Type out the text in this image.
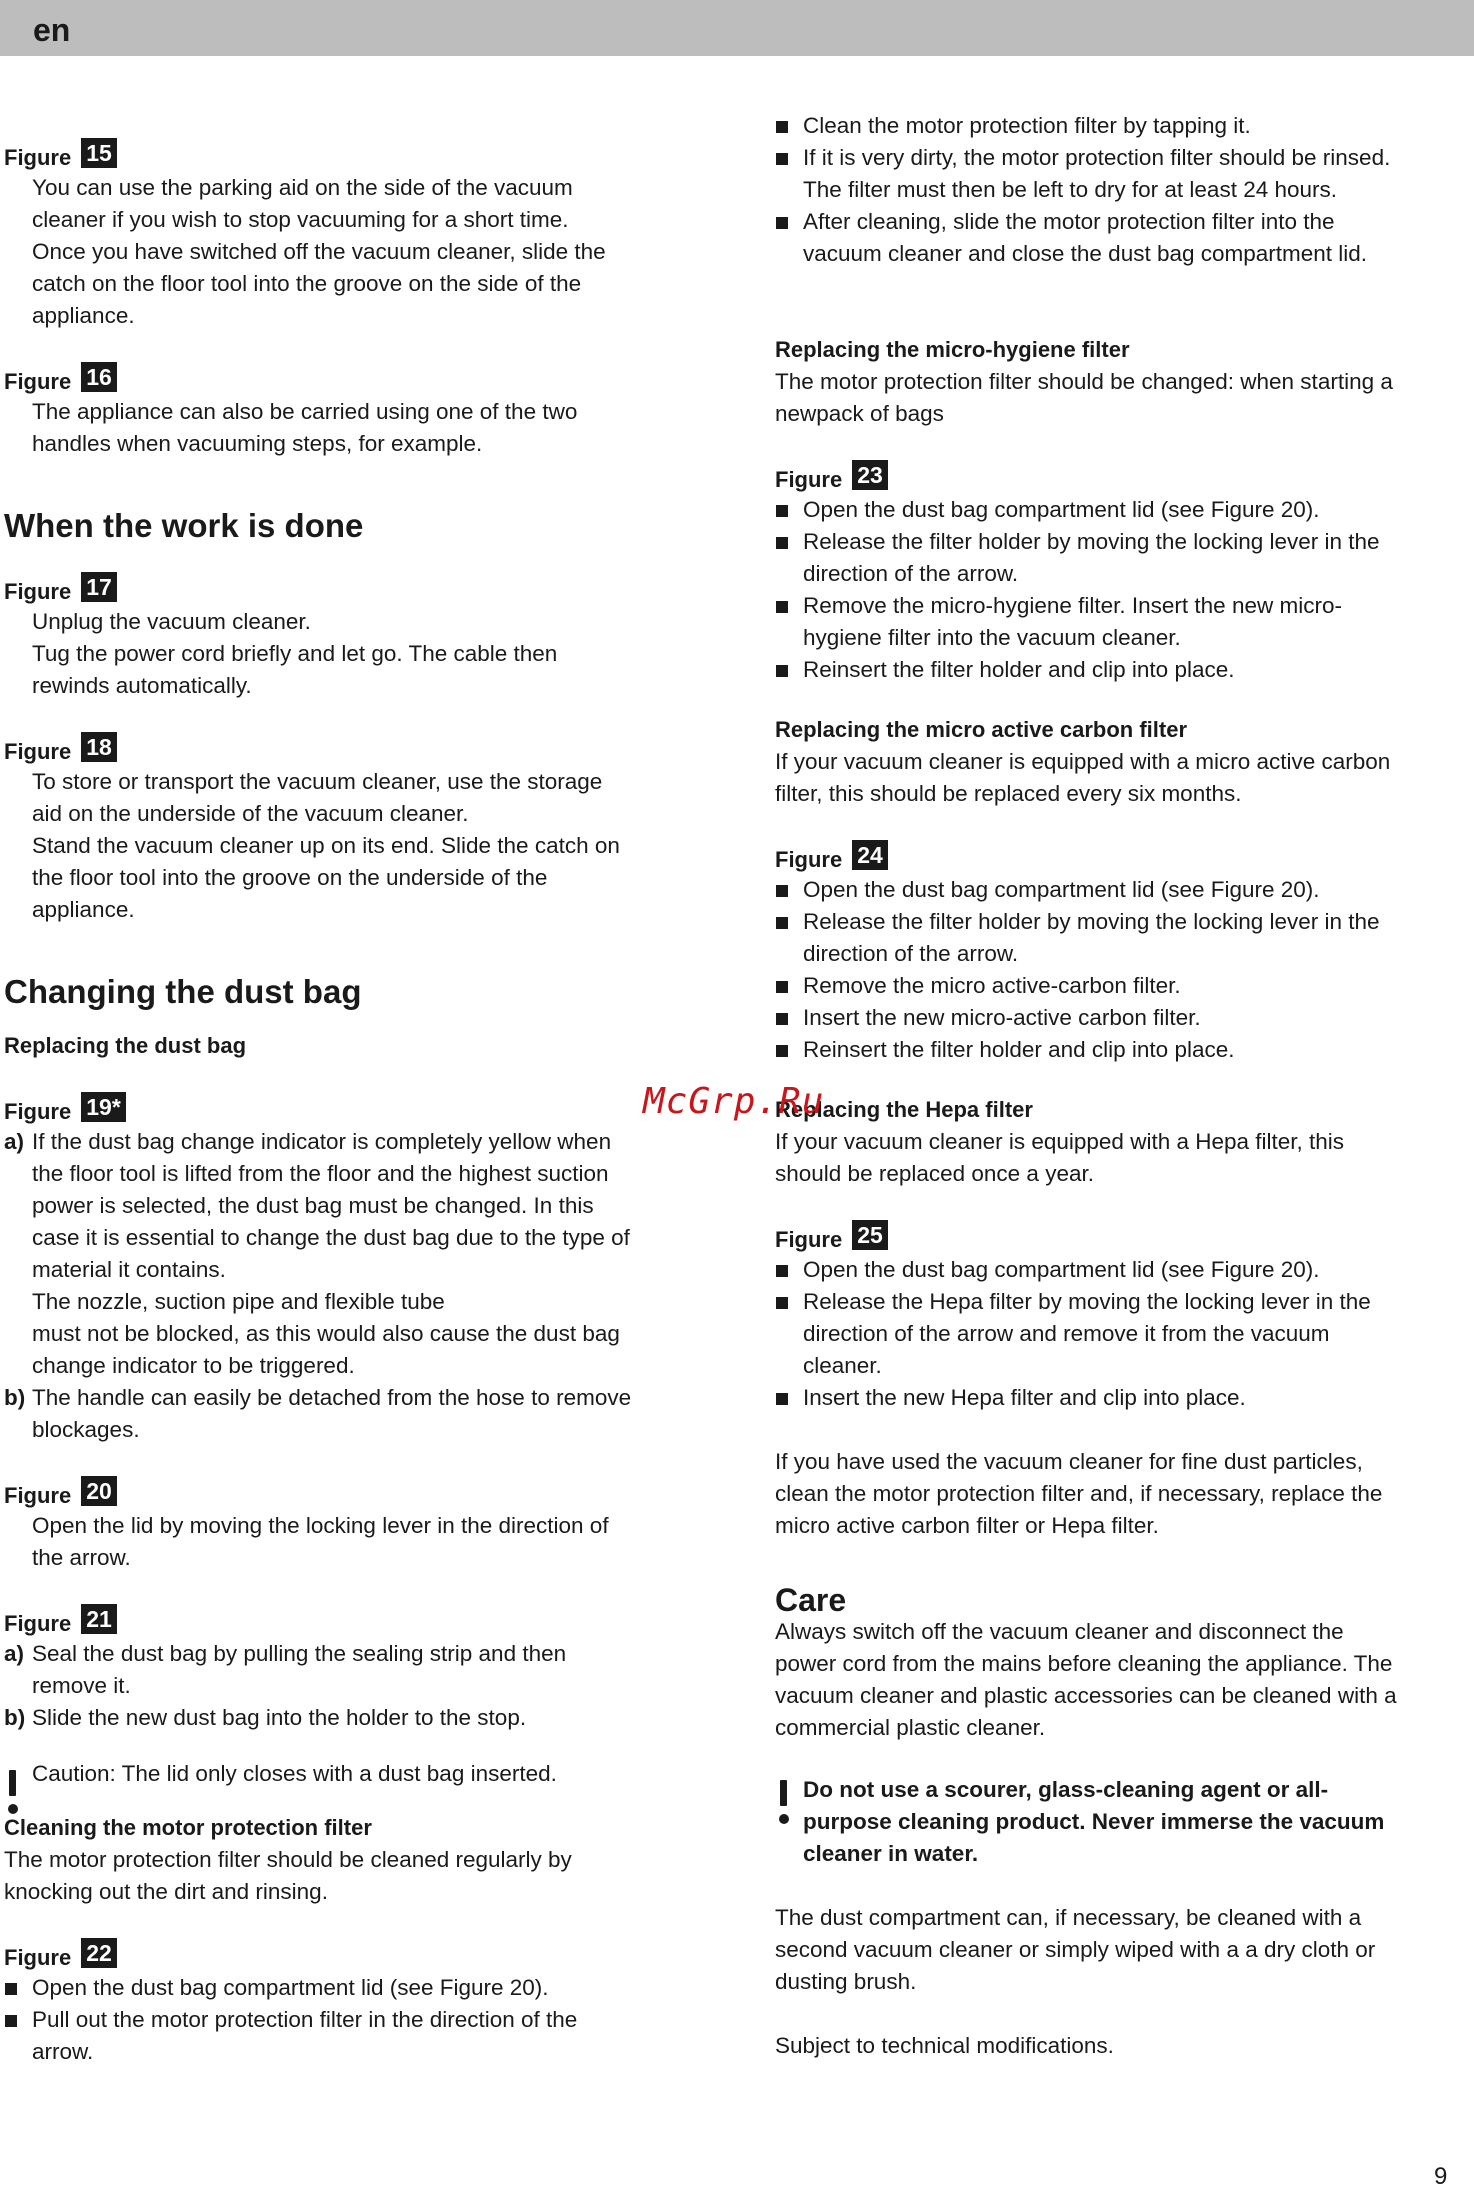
en
Figure 15
You can use the parking aid on the side of the vacuum
cleaner if you wish to stop vacuuming for a short time.
Once you have switched off the vacuum cleaner, slide the
catch on the floor tool into the groove on the side of the
appliance.
Figure 16
The appliance can also be carried using one of the two
handles when vacuuming steps, for example.
When the work is done
Figure 17
Unplug the vacuum cleaner.
Tug the power cord briefly and let go. The cable then
rewinds automatically.
Figure 18
To store or transport the vacuum cleaner, use the storage
aid on the underside of the vacuum cleaner.
Stand the vacuum cleaner up on its end. Slide the catch on
the floor tool into the groove on the underside of the
appliance.
Changing the dust bag
Replacing the dust bag
Figure 19*
a) If the dust bag change indicator is completely yellow when
the floor tool is lifted from the floor and the highest suction
power is selected, the dust bag must be changed. In this
case it is essential to change the dust bag due to the type of
material it contains.
The nozzle, suction pipe and flexible tube
must not be blocked, as this would also cause the dust bag
change indicator to be triggered.
b) The handle can easily be detached from the hose to remove
blockages.
Figure 20
Open the lid by moving the locking lever in the direction of
the arrow.
Figure 21
a) Seal the dust bag by pulling the sealing strip and then
remove it.
b) Slide the new dust bag into the holder to the stop.
Caution: The lid only closes with a dust bag inserted.
Cleaning the motor protection filter
The motor protection filter should be cleaned regularly by
knocking out the dirt and rinsing.
Figure 22
Open the dust bag compartment lid (see Figure 20).
Pull out the motor protection filter in the direction of the
arrow.
Clean the motor protection filter by tapping it.
If it is very dirty, the motor protection filter should be rinsed.
The filter must then be left to dry for at least 24 hours.
After cleaning, slide the motor protection filter into the
vacuum cleaner and close the dust bag compartment lid.
Replacing the micro-hygiene filter
The motor protection filter should be changed: when starting a
newpack of bags
Figure 23
Open the dust bag compartment lid (see Figure 20).
Release the filter holder by moving the locking lever in the
direction of the arrow.
Remove the micro-hygiene filter. Insert the new micro-
hygiene filter into the vacuum cleaner.
Reinsert the filter holder and clip into place.
Replacing the micro active carbon filter
If your vacuum cleaner is equipped with a micro active carbon
filter, this should be replaced every six months.
Figure 24
Open the dust bag compartment lid (see Figure 20).
Release the filter holder by moving the locking lever in the
direction of the arrow.
Remove the micro active-carbon filter.
Insert the new micro-active carbon filter.
Reinsert the filter holder and clip into place.
Replacing the Hepa filter
If your vacuum cleaner is equipped with a Hepa filter, this
should be replaced once a year.
Figure 25
Open the dust bag compartment lid (see Figure 20).
Release the Hepa filter by moving the locking lever in the
direction of the arrow and remove it from the vacuum
cleaner.
Insert the new Hepa filter and clip into place.
If you have used the vacuum cleaner for fine dust particles,
clean the motor protection filter and, if necessary, replace the
micro active carbon filter or Hepa filter.
Care
Always switch off the vacuum cleaner and disconnect the
power cord from the mains before cleaning the appliance. The
vacuum cleaner and plastic accessories can be cleaned with a
commercial plastic cleaner.
Do not use a scourer, glass-cleaning agent or all-
purpose cleaning product. Never immerse the vacuum
cleaner in water.
The dust compartment can, if necessary, be cleaned with a
second vacuum cleaner or simply wiped with a a dry cloth or
dusting brush.
Subject to technical modifications.
McGrp.Ru
9
